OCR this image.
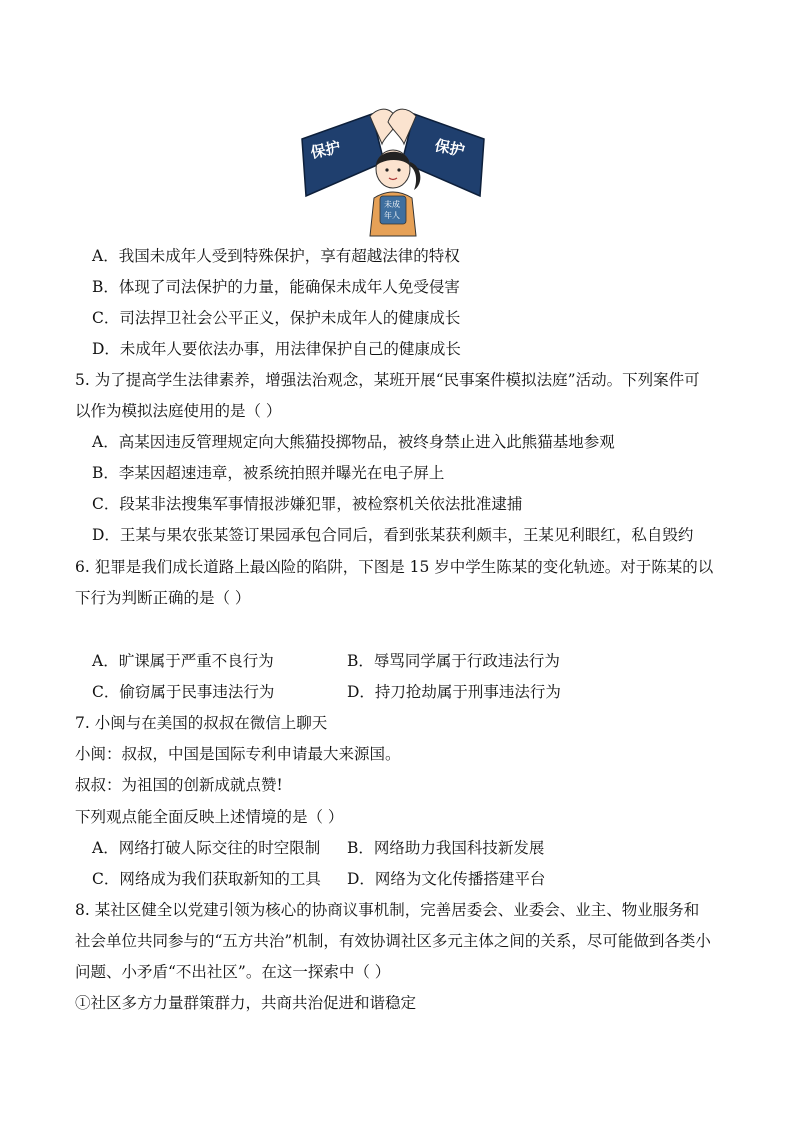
保护	保护
未成
年人
A．我国未成年人受到特殊保护，享有超越法律的特权
B．体现了司法保护的力量，能确保未成年人免受侵害
C．司法捍卫社会公平正义，保护未成年人的健康成长
D．未成年人要依法办事，用法律保护自己的健康成长
5. 为了提高学生法律素养，增强法治观念，某班开展“民事案件模拟法庭”活动。下列案件可
以作为模拟法庭使用的是（ ）
A．高某因违反管理规定向大熊猫投掷物品，被终身禁止进入此熊猫基地参观
B．李某因超速违章，被系统拍照并曝光在电子屏上
C．段某非法搜集军事情报涉嫌犯罪，被检察机关依法批准逮捕
D．王某与果农张某签订果园承包合同后，看到张某获利颇丰，王某见利眼红，私自毁约
6. 犯罪是我们成长道路上最凶险的陷阱，下图是 15 岁中学生陈某的变化轨迹。对于陈某的以
下行为判断正确的是（ ）
A．旷课属于严重不良行为	B．辱骂同学属于行政违法行为
C．偷窃属于民事违法行为	D．持刀抢劫属于刑事违法行为
7. 小闽与在美国的叔叔在微信上聊天
小闽：叔叔，中国是国际专利申请最大来源国。
叔叔：为祖国的创新成就点赞!
下列观点能全面反映上述情境的是（ ）
A．网络打破人际交往的时空限制 B．网络助力我国科技新发展
C．网络成为我们获取新知的工具 D．网络为文化传播搭建平台
8. 某社区健全以党建引领为核心的协商议事机制，完善居委会、业委会、业主、物业服务和
社会单位共同参与的“五方共治”机制，有效协调社区多元主体之间的关系，尽可能做到各类小
问题、小矛盾“不出社区”。在这一探索中（ ）
①社区多方力量群策群力，共商共治促进和谐稳定
